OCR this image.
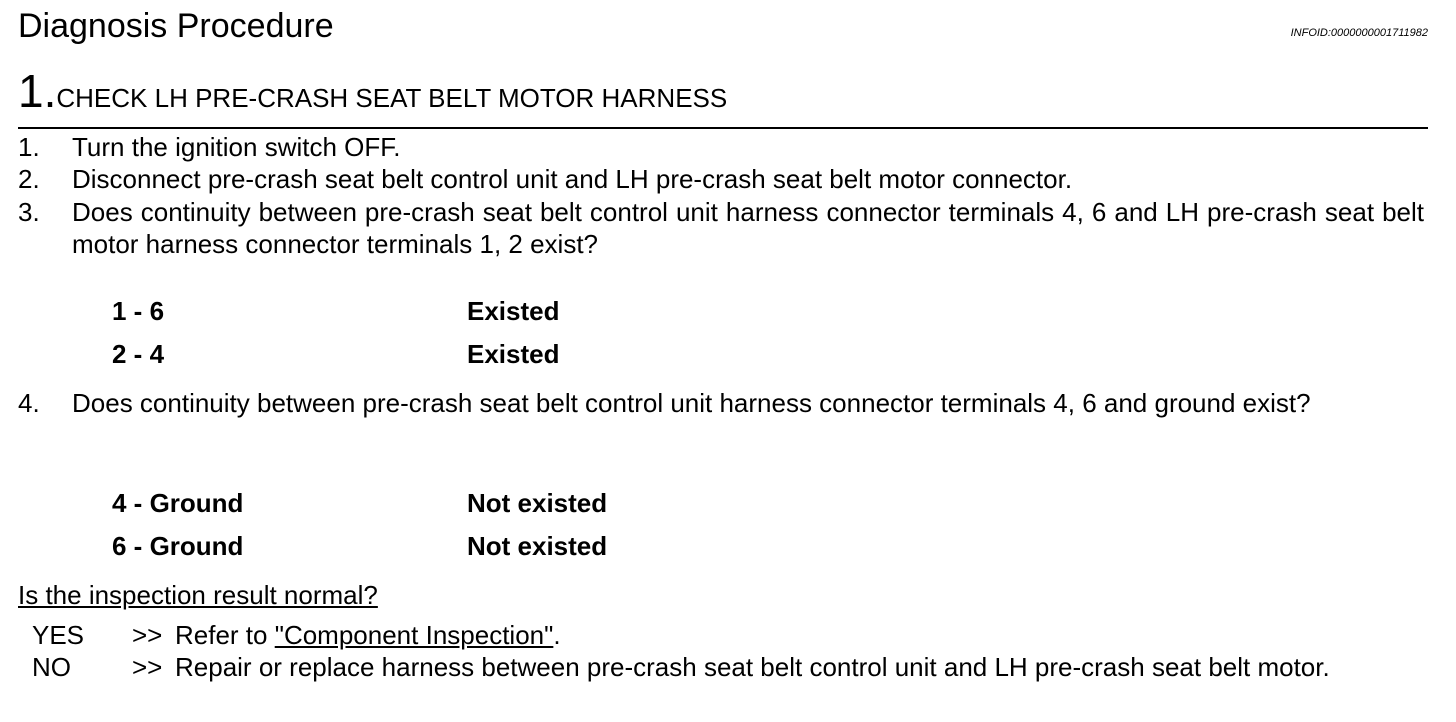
Diagnosis Procedure	INFOID:0000000001711982
1.CHECK LH PRE-CRASH SEAT BELT MOTOR HARNESS
1. Turn the ignition switch OFF.
2. Disconnect pre-crash seat belt control unit and LH pre-crash seat belt motor connector.
3. Does continuity between pre-crash seat belt control unit harness connector terminals 4, 6 and LH pre-crash seat belt motor harness connector terminals 1, 2 exist?
1 - 6	Existed
2 - 4	Existed
4. Does continuity between pre-crash seat belt control unit harness connector terminals 4, 6 and ground exist?
4 - Ground	Not existed
6 - Ground	Not existed
Is the inspection result normal?
YES >> Refer to "Component Inspection".
NO >> Repair or replace harness between pre-crash seat belt control unit and LH pre-crash seat belt motor.
